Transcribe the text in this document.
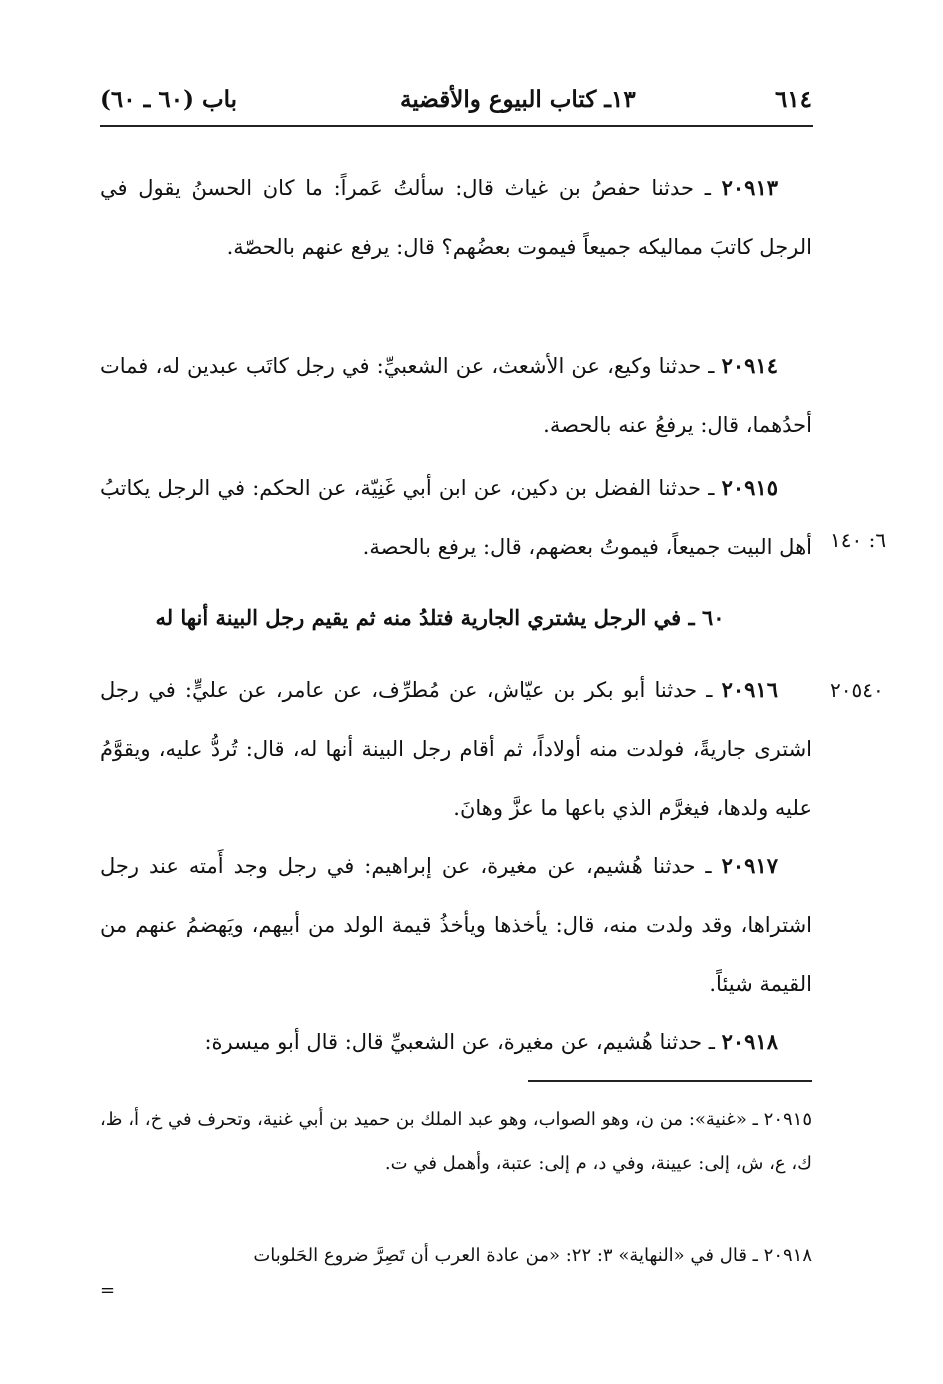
٦١٤
١٣ـ كتاب البيوع والأقضية
باب (٦٠ ـ ٦٠)
٢٠٩١٣ ـ حدثنا حفصُ بن غياث قال: سألتُ عَمراً: ما كان الحسنُ يقول في الرجل كاتبَ مماليكه جميعاً فيموت بعضُهم؟ قال: يرفع عنهم بالحصّة.
٢٠٩١٤ ـ حدثنا وكيع، عن الأشعث، عن الشعبيِّ: في رجل كاتَب عبدين له، فمات أحدُهما، قال: يرفعُ عنه بالحصة.
٢٠٩١٥ ـ حدثنا الفضل بن دكين، عن ابن أبي غَنِيّة، عن الحكم: في الرجل يكاتبُ أهل البيت جميعاً، فيموتُ بعضهم، قال: يرفع بالحصة. ٦: ١٤٠
٦٠ ـ في الرجل يشتري الجارية فتلدُ منه ثم يقيم رجل البينة أنها له
٢٠٥٤٠
٢٠٩١٦ ـ حدثنا أبو بكر بن عيّاش، عن مُطرِّف، عن عامر، عن عليٍّ: في رجل اشترى جاريةً، فولدت منه أولاداً، ثم أقام رجل البينة أنها له، قال: تُردُّ عليه، ويقوَّمُ عليه ولدها، فيغرَّم الذي باعها ما عزَّ وهانَ.
٢٠٩١٧ ـ حدثنا هُشيم، عن مغيرة، عن إبراهيم: في رجل وجد أَمته عند رجل اشتراها، وقد ولدت منه، قال: يأخذها ويأخذُ قيمة الولد من أبيهم، ويَهضمُ عنهم من القيمة شيئاً.
٢٠٩١٨ ـ حدثنا هُشيم، عن مغيرة، عن الشعبيِّ قال: قال أبو ميسرة:
٢٠٩١٥ ـ «غنية»: من ن، وهو الصواب، وهو عبد الملك بن حميد بن أبي غنية، وتحرف في خ، أ، ظ، ك، ع، ش، إلى: عيينة، وفي د، م إلى: عتبة، وأهمل في ت.
٢٠٩١٨ ـ قال في «النهاية» ٣: ٢٢: «من عادة العرب أن تَصِرَّ ضروع الحَلوبات
=
